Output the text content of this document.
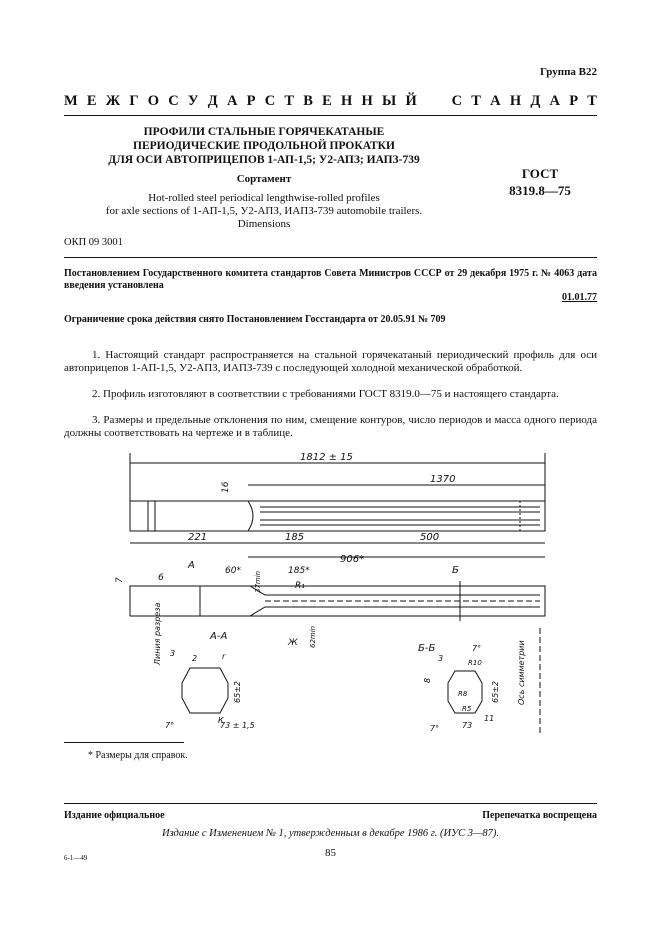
Группа В22
М Е Ж Г О С У Д А Р С Т В Е Н Н Ы Й

С Т А Н Д А Р Т
ПРОФИЛИ СТАЛЬНЫЕ ГОРЯЧЕКАТАНЫЕ
ПЕРИОДИЧЕСКИЕ ПРОДОЛЬНОЙ ПРОКАТКИ
ДЛЯ ОСИ АВТОПРИЦЕПОВ 1-АП-1,5; У2-АПЗ; ИАПЗ-739
Сортамент
Hot-rolled steel periodical lengthwise-rolled profiles
for axle sections of 1-АП-1,5, У2-АПЗ, ИАПЗ-739 automobile trailers.
Dimensions
ГОСТ
8319.8—75
ОКП 09 3001
Постановлением Государственного комитета стандартов Совета Министров СССР от 29 декабря 1975 г. № 4063 дата введения установлена
01.01.77
Ограничение срока действия снято Постановлением Госстандарта от 20.05.91 № 709
1. Настоящий стандарт распространяется на стальной горячекатаный периодический профиль для оси автоприцепов 1-АП-1,5, У2-АПЗ, ИАПЗ-739 с последующей холодной механической обработкой.
2. Профиль изготовляют в соответствии с требованиями ГОСТ 8319.0—75 и настоящего стандарта.
3. Размеры и предельные отклонения по ним, смещение контуров, число периодов и масса одного периода должны соответствовать на чертеже и в таблице.
1812 ± 15
1370
16
221	185	500
906*
7	6
А	Б
60*	185*
37min	R₁
Ж 62min
Линия разреза	А-А
3
2	r
65±2
К
73 ± 1,5
7°
Б-Б
3
7°
R10
8
R8	65±2
R5
73
11
7°
Ось симметрии
* Размеры для справок.
Издание официальное	Перепечатка воспрещена
Издание с Изменением № 1, утвержденным в декабре 1986 г. (ИУС 3—87).
6-1—49	85
